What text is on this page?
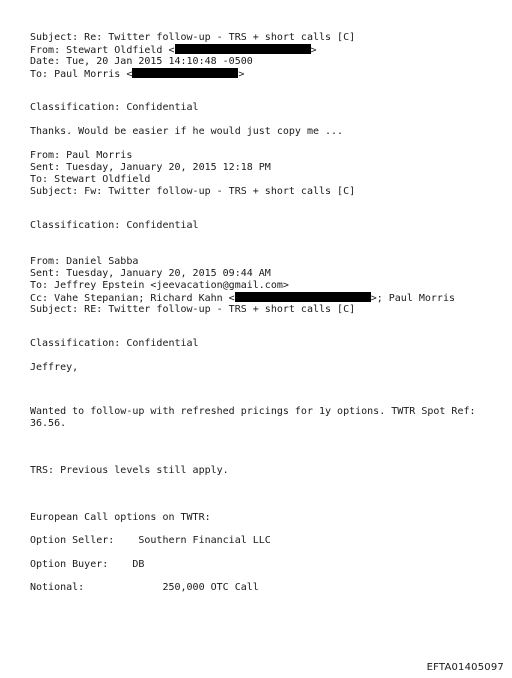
Subject: Re: Twitter follow-up - TRS + short calls [C]
From: Stewart Oldfield <	>
Date: Tue, 20 Jan 2015 14:10:48 -0500
To: Paul Morris <	>
Classification: Confidential
Thanks. Would be easier if he would just copy me ...
From: Paul Morris
Sent: Tuesday, January 20, 2015 12:18 PM
To: Stewart Oldfield
Subject: Fw: Twitter follow-up - TRS + short calls [C]
Classification: Confidential
From: Daniel Sabba
Sent: Tuesday, January 20, 2015 09:44 AM
To: Jeffrey Epstein <jeevacation@gmail.com>
Cc: Vahe Stepanian; Richard Kahn <	>; Paul Morris
Subject: RE: Twitter follow-up - TRS + short calls [C]
Classification: Confidential
Jeffrey,
Wanted to follow-up with refreshed pricings for 1y options. TWTR Spot Ref:
36.56.
TRS: Previous levels still apply.
European Call options on TWTR:
Option Seller:    Southern Financial LLC
Option Buyer:    DB
Notional:             250,000 OTC Call
EFTA01405097
